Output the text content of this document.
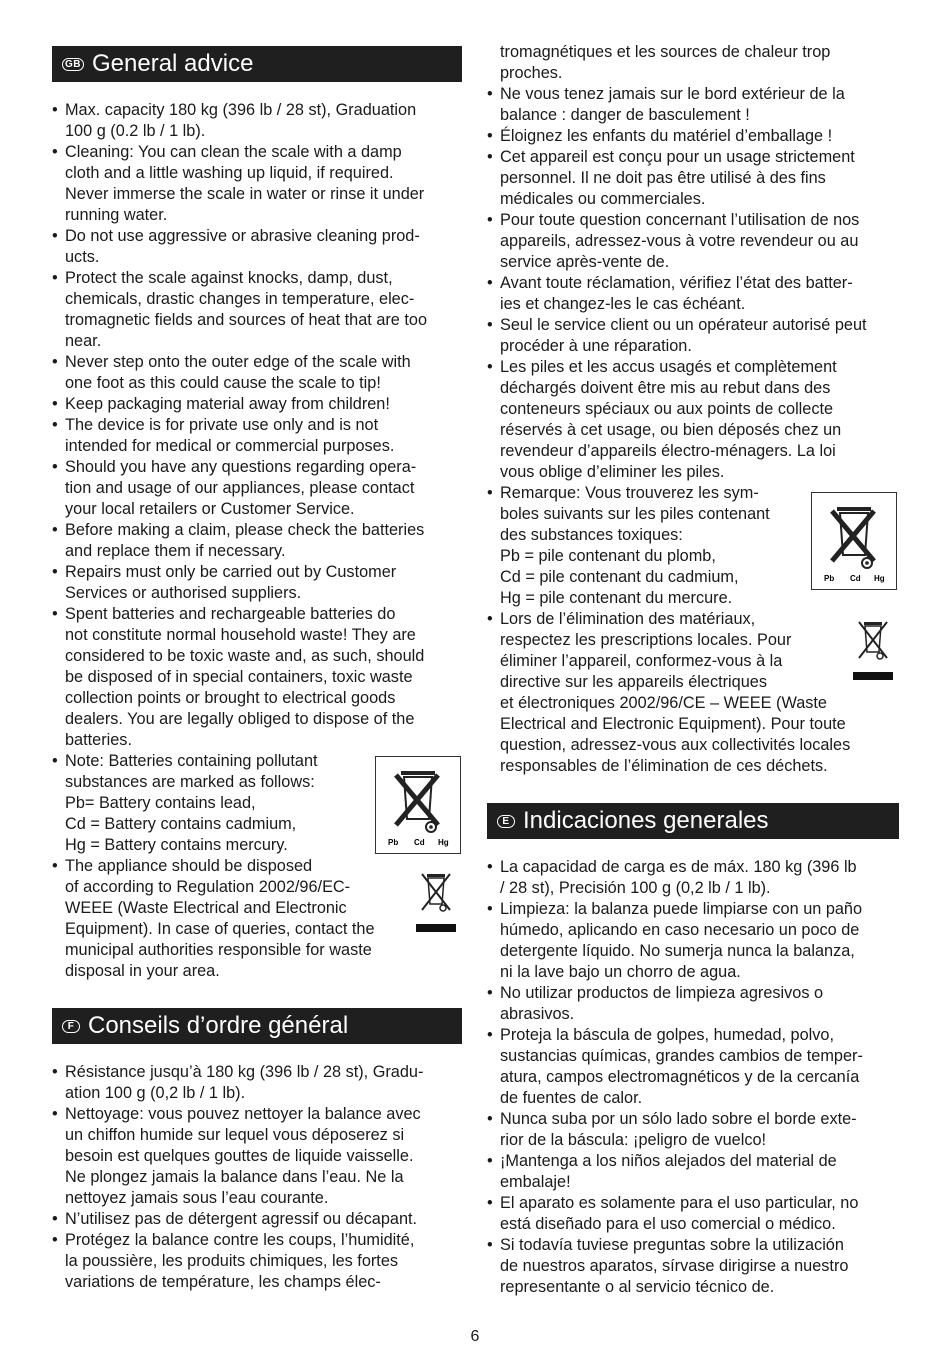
GB General advice
• Max. capacity 180 kg (396 lb / 28 st), Graduation
100 g (0.2 lb / 1 lb).
• Cleaning: You can clean the scale with a damp
cloth and a little washing up liquid, if required.
Never immerse the scale in water or rinse it under
running water.
• Do not use aggressive or abrasive cleaning prod-
ucts.
• Protect the scale against knocks, damp, dust,
chemicals, drastic changes in temperature, elec-
tromagnetic fields and sources of heat that are too
near.
• Never step onto the outer edge of the scale with
one foot as this could cause the scale to tip!
• Keep packaging material away from children!
• The device is for private use only and is not
intended for medical or commercial purposes.
• Should you have any questions regarding opera-
tion and usage of our appliances, please contact
your local retailers or Customer Service.
• Before making a claim, please check the batteries
and replace them if necessary.
• Repairs must only be carried out by Customer
Services or authorised suppliers.
• Spent batteries and rechargeable batteries do
not constitute normal household waste! They are
considered to be toxic waste and, as such, should
be disposed of in special containers, toxic waste
collection points or brought to electrical goods
dealers. You are legally obliged to dispose of the
batteries.
• Note: Batteries containing pollutant
substances are marked as follows:
Pb= Battery contains lead,
Cd = Battery contains cadmium,
Hg = Battery contains mercury.
• The appliance should be disposed
of according to Regulation 2002/96/EC-
WEEE (Waste Electrical and Electronic
Equipment). In case of queries, contact the
municipal authorities responsible for waste
disposal in your area.
F Conseils d’ordre général
• Résistance jusqu’à 180 kg (396 lb / 28 st), Gradu-
ation 100 g (0,2 lb / 1 lb).
• Nettoyage: vous pouvez nettoyer la balance avec
un chiffon humide sur lequel vous déposerez si
besoin est quelques gouttes de liquide vaisselle.
Ne plongez jamais la balance dans l’eau. Ne la
nettoyez jamais sous l’eau courante.
• N’utilisez pas de détergent agressif ou décapant.
• Protégez la balance contre les coups, l’humidité,
la poussière, les produits chimiques, les fortes
variations de température, les champs élec-
Pb Cd Hg
tromagnétiques et les sources de chaleur trop
proches.
• Ne vous tenez jamais sur le bord extérieur de la
balance : danger de basculement !
• Éloignez les enfants du matériel d’emballage !
• Cet appareil est conçu pour un usage strictement
personnel. Il ne doit pas être utilisé à des fins
médicales ou commerciales.
• Pour toute question concernant l’utilisation de nos
appareils, adressez-vous à votre revendeur ou au
service après-vente de.
• Avant toute réclamation, vérifiez l’état des batter-
ies et changez-les le cas échéant.
• Seul le service client ou un opérateur autorisé peut
procéder à une réparation.
• Les piles et les accus usagés et complètement
déchargés doivent être mis au rebut dans des
conteneurs spéciaux ou aux points de collecte
réservés à cet usage, ou bien déposés chez un
revendeur d’appareils électro-ménagers. La loi
vous oblige d’eliminer les piles.
• Remarque: Vous trouverez les sym-
boles suivants sur les piles contenant
des substances toxiques:
Pb = pile contenant du plomb,
Cd = pile contenant du cadmium,
Hg = pile contenant du mercure.
• Lors de l’élimination des matériaux,
respectez les prescriptions locales. Pour
éliminer l’appareil, conformez-vous à la
directive sur les appareils électriques
et électroniques 2002/96/CE – WEEE (Waste
Electrical and Electronic Equipment). Pour toute
question, adressez-vous aux collectivités locales
responsables de l’élimination de ces déchets.
E Indicaciones generales
• La capacidad de carga es de máx. 180 kg (396 lb
/ 28 st), Precisión 100 g (0,2 lb / 1 lb).
• Limpieza: la balanza puede limpiarse con un paño
húmedo, aplicando en caso necesario un poco de
detergente líquido. No sumerja nunca la balanza,
ni la lave bajo un chorro de agua.
• No utilizar productos de limpieza agresivos o
abrasivos.
• Proteja la báscula de golpes, humedad, polvo,
sustancias químicas, grandes cambios de temper-
atura, campos electromagnéticos y de la cercanía
de fuentes de calor.
• Nunca suba por un sólo lado sobre el borde exte-
rior de la báscula: ¡peligro de vuelco!
• ¡Mantenga a los niños alejados del material de
embalaje!
• El aparato es solamente para el uso particular, no
está diseñado para el uso comercial o médico.
• Si todavía tuviese preguntas sobre la utilización
de nuestros aparatos, sírvase dirigirse a nuestro
representante o al servicio técnico de.
Pb Cd Hg
6
